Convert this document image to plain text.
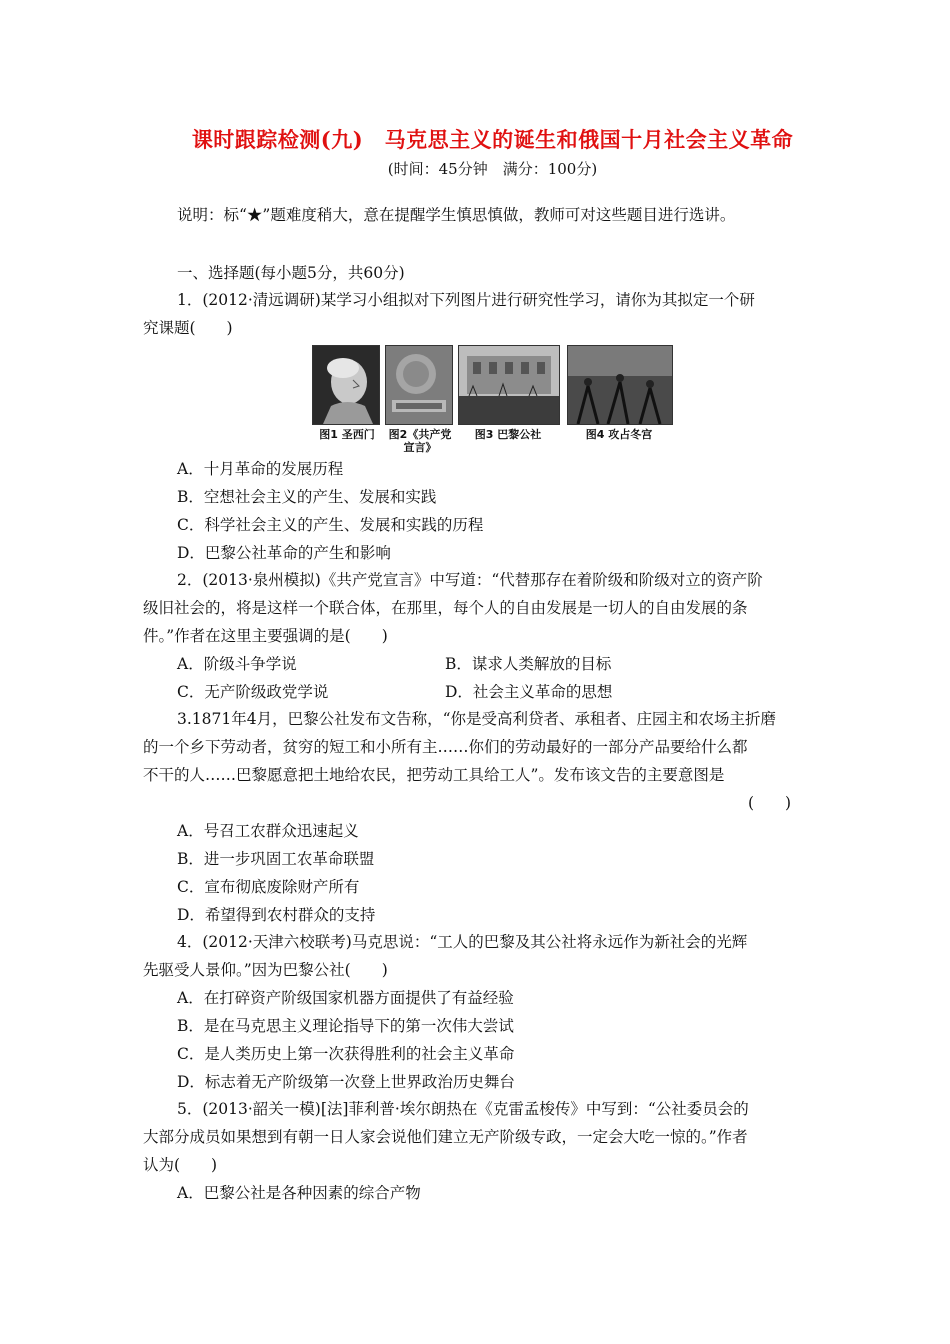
课时跟踪检测(九)　马克思主义的诞生和俄国十月社会主义革命
(时间：45分钟　满分：100分)
说明：标“★”题难度稍大，意在提醒学生慎思慎做，教师可对这些题目进行选讲。
一、选择题(每小题5分，共60分)
1．(2012·清远调研)某学习小组拟对下列图片进行研究性学习，请你为其拟定一个研
究课题(　　)
图1 圣西门	图2《共产党宣言》
图3 巴黎公社	图4 攻占冬宫
A．十月革命的发展历程
B．空想社会主义的产生、发展和实践
C．科学社会主义的产生、发展和实践的历程
D．巴黎公社革命的产生和影响
2．(2013·泉州模拟)《共产党宣言》中写道：“代替那存在着阶级和阶级对立的资产阶
级旧社会的，将是这样一个联合体，在那里，每个人的自由发展是一切人的自由发展的条
件。”作者在这里主要强调的是(　　)
A．阶级斗争学说	B．谋求人类解放的目标
C．无产阶级政党学说	D．社会主义革命的思想
3.1871年4月，巴黎公社发布文告称，“你是受高利贷者、承租者、庄园主和农场主折磨
的一个乡下劳动者，贫穷的短工和小所有主……你们的劳动最好的一部分产品要给什么都
不干的人……巴黎愿意把土地给农民，把劳动工具给工人”。发布该文告的主要意图是
(　　)
A．号召工农群众迅速起义
B．进一步巩固工农革命联盟
C．宣布彻底废除财产所有
D．希望得到农村群众的支持
4．(2012·天津六校联考)马克思说：“工人的巴黎及其公社将永远作为新社会的光辉
先驱受人景仰。”因为巴黎公社(　　)
A．在打碎资产阶级国家机器方面提供了有益经验
B．是在马克思主义理论指导下的第一次伟大尝试
C．是人类历史上第一次获得胜利的社会主义革命
D．标志着无产阶级第一次登上世界政治历史舞台
5．(2013·韶关一模)[法]菲利普·埃尔朗热在《克雷孟梭传》中写到：“公社委员会的
大部分成员如果想到有朝一日人家会说他们建立无产阶级专政，一定会大吃一惊的。”作者
认为(　　)
A．巴黎公社是各种因素的综合产物
